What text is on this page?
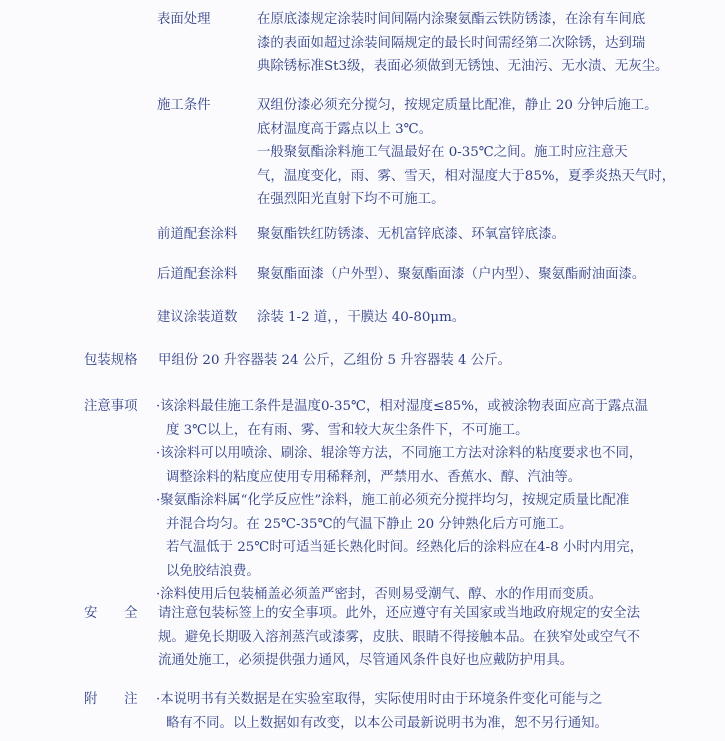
表面处理	在原底漆规定涂装时间间隔内涂聚氨酯云铁防锈漆，在涂有车间底
漆的表面如超过涂装间隔规定的最长时间需经第二次除锈，达到瑞
典除锈标准St3级，表面必须做到无锈蚀、无油污、无水渍、无灰尘。
施工条件	双组份漆必须充分搅匀，按规定质量比配准，静止 20 分钟后施工。
底材温度高于露点以上 3℃。
一般聚氨酯涂料施工气温最好在 0-35℃之间。施工时应注意天
气，温度变化，雨、雾、雪天，相对湿度大于85%，夏季炎热天气时，
在强烈阳光直射下均不可施工。
前道配套涂料 聚氨酯铁红防锈漆、无机富锌底漆、环氧富锌底漆。
后道配套涂料 聚氨酯面漆（户外型）、聚氨酯面漆（户内型）、聚氨酯耐油面漆。
建议涂装道数 涂装 1-2 道，，干膜达 40-80μm。
包装规格 甲组份 20 升容器装 24 公斤，乙组份 5 升容器装 4 公斤。
注意事项 ·该涂料最佳施工条件是温度0-35℃，相对湿度≤85%，或被涂物表面应高于露点温
度 3℃以上，在有雨、雾、雪和较大灰尘条件下，不可施工。
·该涂料可以用喷涂、刷涂、辊涂等方法，不同施工方法对涂料的粘度要求也不同，
调整涂料的粘度应使用专用稀释剂，严禁用水、香蕉水、醇、汽油等。
·聚氨酯涂料属“化学反应性”涂料，施工前必须充分搅拌均匀，按规定质量比配准
并混合均匀。在 25℃-35℃的气温下静止 20 分钟熟化后方可施工。
若气温低于 25℃时可适当延长熟化时间。经熟化后的涂料应在4-8 小时内用完，
以免胶结浪费。
·涂料使用后包装桶盖必须盖严密封，否则易受潮气、醇、水的作用而变质。
安　　全 请注意包装标签上的安全事项。此外，还应遵守有关国家或当地政府规定的安全法
规。避免长期吸入溶剂蒸汽或漆雾，皮肤、眼睛不得接触本品。在狭窄处或空气不
流通处施工，必须提供强力通风，尽管通风条件良好也应戴防护用具。
附　　注 ·本说明书有关数据是在实验室取得，实际使用时由于环境条件变化可能与之
略有不同。以上数据如有改变，以本公司最新说明书为准，恕不另行通知。
